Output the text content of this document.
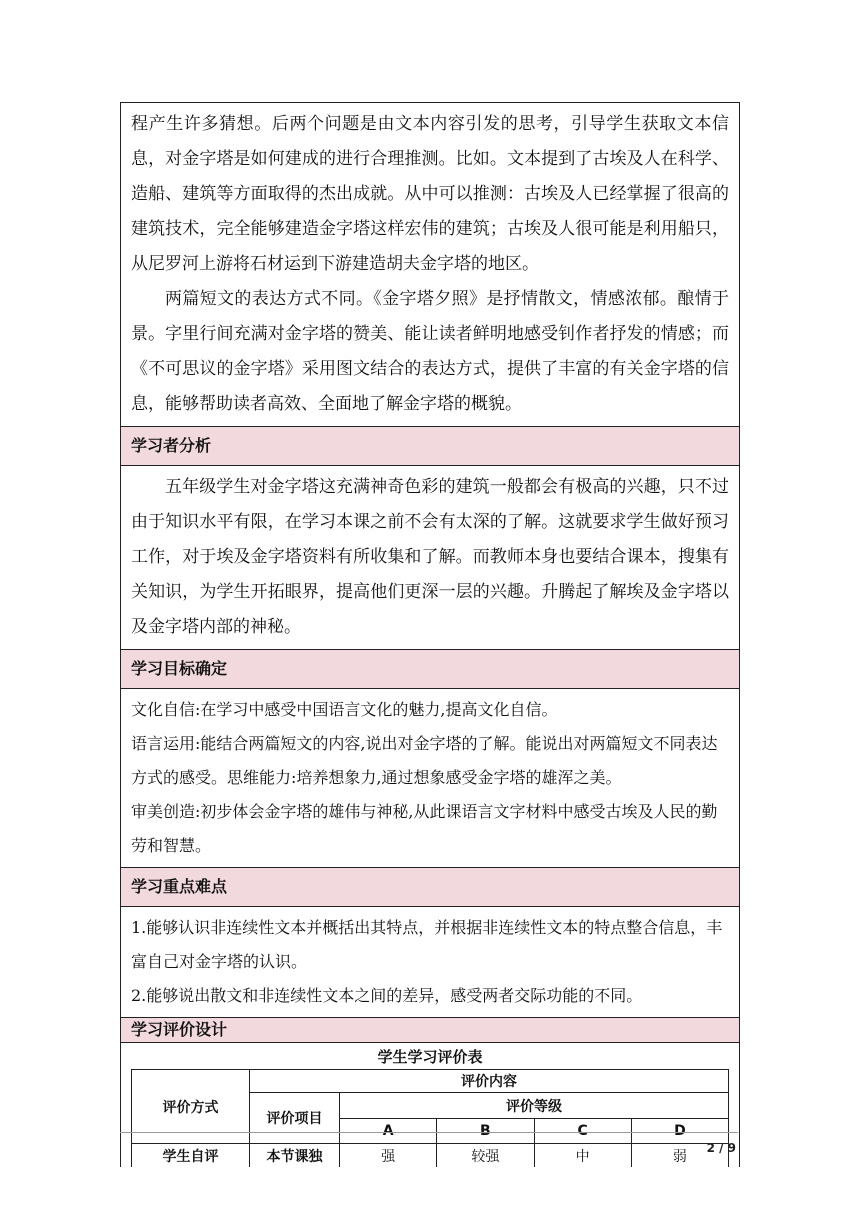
程产生许多猜想。后两个问题是由文本内容引发的思考，引导学生获取文本信息，对金字塔是如何建成的进行合理推测。比如。文本提到了古埃及人在科学、造船、建筑等方面取得的杰出成就。从中可以推测：古埃及人已经掌握了很高的建筑技术，完全能够建造金字塔这样宏伟的建筑；古埃及人很可能是利用船只，从尼罗河上游将石材运到下游建造胡夫金字塔的地区。

两篇短文的表达方式不同。《金字塔夕照》是抒情散文，情感浓郁。酿情于景。字里行间充满对金字塔的赞美、能让读者鲜明地感受钊作者抒发的情感；而《不可思议的金字塔》采用图文结合的表达方式，提供了丰富的有关金字塔的信息，能够帮助读者高效、全面地了解金字塔的概貌。

学习者分析

五年级学生对金字塔这充满神奇色彩的建筑一般都会有极高的兴趣，只不过由于知识水平有限，在学习本课之前不会有太深的了解。这就要求学生做好预习工作，对于埃及金字塔资料有所收集和了解。而教师本身也要结合课本，搜集有关知识，为学生开拓眼界，提高他们更深一层的兴趣。升腾起了解埃及金字塔以及金字塔内部的神秘。

学习目标确定

文化自信:在学习中感受中国语言文化的魅力,提高文化自信。

语言运用:能结合两篇短文的内容,说出对金字塔的了解。能说出对两篇短文不同表达方式的感受。思维能力:培养想象力,通过想象感受金字塔的雄浑之美。

审美创造:初步体会金字塔的雄伟与神秘,从此课语言文字材料中感受古埃及人民的勤劳和智慧。

学习重点难点

1.能够认识非连续性文本并概括出其特点，并根据非连续性文本的特点整合信息，丰富自己对金字塔的认识。

2.能够说出散文和非连续性文本之间的差异，感受两者交际功能的不同。

学习评价设计
学生学习评价表
评价方式	评价内容				
	评价项目	评价等级			
		A	B	C	D
学生自评	本节课独	强	较强	中	弱
2 / 9
